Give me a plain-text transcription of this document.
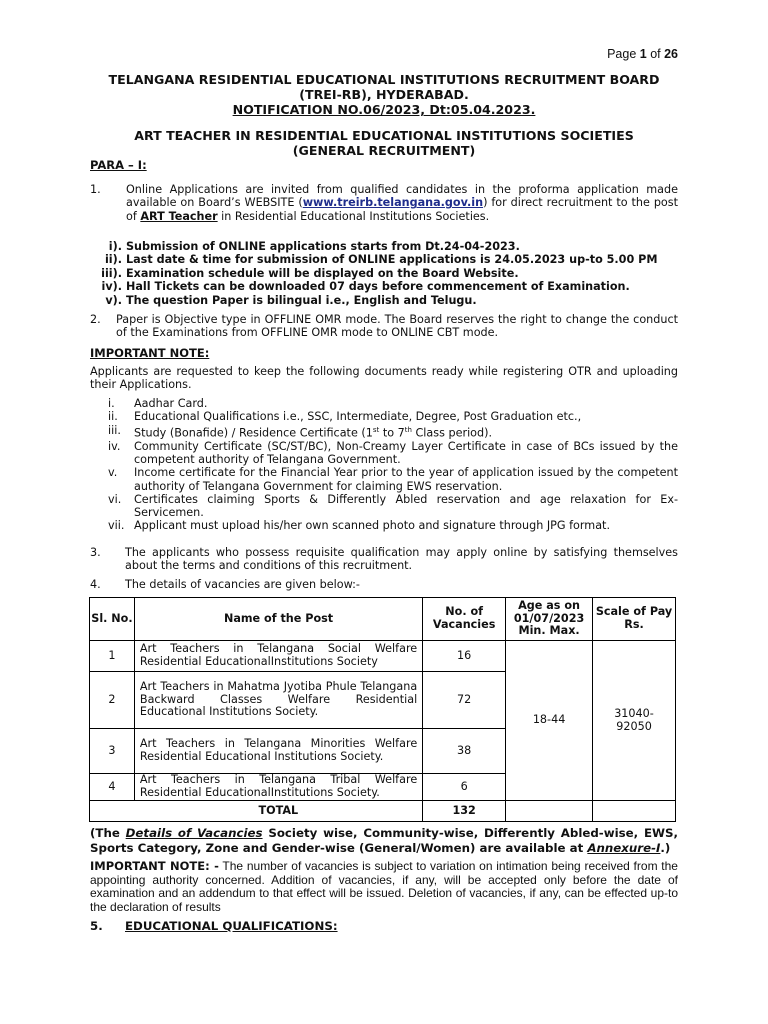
Page 1 of 26
TELANGANA RESIDENTIAL EDUCATIONAL INSTITUTIONS RECRUITMENT BOARD
(TREI-RB), HYDERABAD.
NOTIFICATION NO.06/2023, Dt:05.04.2023.
ART TEACHER IN RESIDENTIAL EDUCATIONAL INSTITUTIONS SOCIETIES
(GENERAL RECRUITMENT)
PARA – I:
1.	Online Applications are invited from qualified candidates in the proforma application made available on Board’s WEBSITE (www.treirb.telangana.gov.in) for direct recruitment to the post of ART Teacher in Residential Educational Institutions Societies.
i). Submission of ONLINE applications starts from Dt.24-04-2023.
ii). Last date & time for submission of ONLINE applications is 24.05.2023 up-to 5.00 PM
iii). Examination schedule will be displayed on the Board Website.
iv). Hall Tickets can be downloaded 07 days before commencement of Examination.
v). The question Paper is bilingual i.e., English and Telugu.
2.	Paper is Objective type in OFFLINE OMR mode. The Board reserves the right to change the conduct of the Examinations from OFFLINE OMR mode to ONLINE CBT mode.
IMPORTANT NOTE:
Applicants are requested to keep the following documents ready while registering OTR and uploading their Applications.
i.	Aadhar Card.
ii.	Educational Qualifications i.e., SSC, Intermediate, Degree, Post Graduation etc.,
iii.	Study (Bonafide) / Residence Certificate (1st to 7th Class period).
iv.	Community Certificate (SC/ST/BC), Non-Creamy Layer Certificate in case of BCs issued by the competent authority of Telangana Government.
v.	Income certificate for the Financial Year prior to the year of application issued by the competent authority of Telangana Government for claiming EWS reservation.
vi.	Certificates claiming Sports & Differently Abled reservation and age relaxation for Ex-Servicemen.
vii. Applicant must upload his/her own scanned photo and signature through JPG format.
3.	The applicants who possess requisite qualification may apply online by satisfying themselves about the terms and conditions of this recruitment.
4.	The details of vacancies are given below:-
Sl. No.	Name of the Post	No. of Vacancies	Age as on 01/07/2023 Min. Max.	Scale of Pay Rs.
1	Art Teachers in Telangana Social Welfare Residential EducationalInstitutions Society	16	18-44	31040-92050
2	Art Teachers in Mahatma Jyotiba Phule Telangana Backward Classes Welfare Residential Educational Institutions Society.	72		
3	Art Teachers in Telangana Minorities Welfare Residential Educational Institutions Society.	38		
4	Art Teachers in Telangana Tribal Welfare Residential EducationalInstitutions Society.	6		
	TOTAL	132		
(The Details of Vacancies Society wise, Community-wise, Differently Abled-wise, EWS, Sports Category, Zone and Gender-wise (General/Women) are available at Annexure-I.)
IMPORTANT NOTE: - The number of vacancies is subject to variation on intimation being received from the appointing authority concerned. Addition of vacancies, if any, will be accepted only before the date of examination and an addendum to that effect will be issued. Deletion of vacancies, if any, can be effected up-to the declaration of results
5.	EDUCATIONAL QUALIFICATIONS:
